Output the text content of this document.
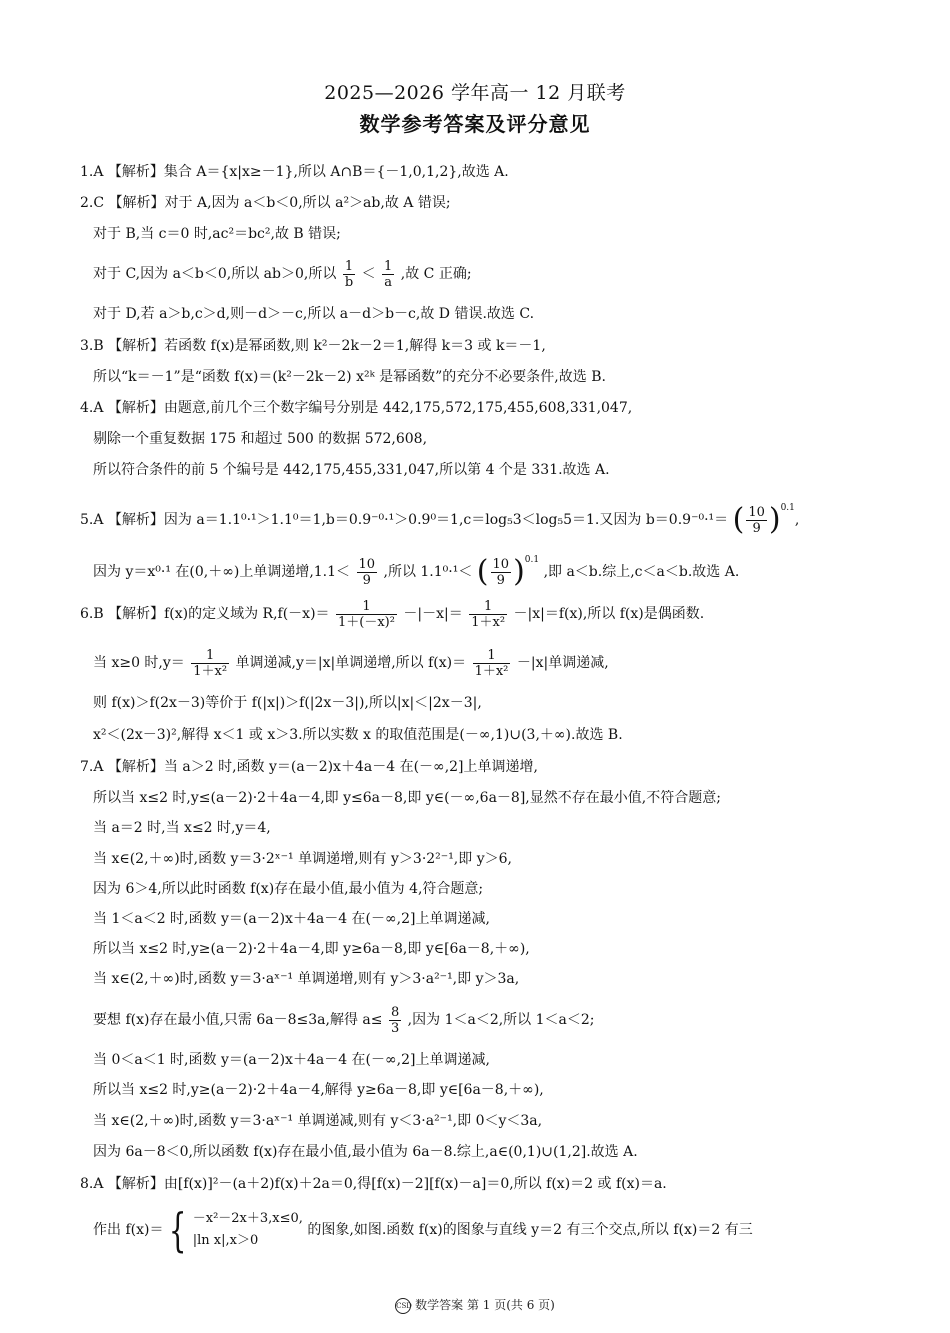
2025—2026 学年高一 12 月联考
数学参考答案及评分意见
1.A 【解析】集合 A＝{x|x≥－1},所以 A∩B＝{－1,0,1,2},故选 A.
2.C 【解析】对于 A,因为 a＜b＜0,所以 a²＞ab,故 A 错误;
对于 B,当 c＝0 时,ac²＝bc²,故 B 错误;
对于 C,因为 a＜b＜0,所以 ab＞0,所以 $\frac{1}{b} < \frac{1}{a}$ ,故 C 正确;
对于 D,若 a＞b,c＞d,则－d＞－c,所以 a－d＞b－c,故 D 错误.故选 C.
3.B 【解析】若函数 f(x)是幂函数,则 k²－2k－2＝1,解得 k＝3 或 k＝－1,
所以“k＝－1”是“函数 f(x)＝(k²－2k－2) x²ᵏ 是幂函数”的充分不必要条件,故选 B.
4.A 【解析】由题意,前几个三个数字编号分别是 442,175,572,175,455,608,331,047,
剔除一个重复数据 175 和超过 500 的数据 572,608,
所以符合条件的前 5 个编号是 442,175,455,331,047,所以第 4 个是 331.故选 A.
5.A 【解析】因为 a＝1.1⁰·¹＞1.1⁰＝1,b＝0.9⁻⁰·¹＞0.9⁰＝1,c＝log₅3＜log₅5＝1.又因为 b＝0.9⁻⁰·¹＝ ( $\frac{10}{9} )^{0.1}$,
因为 y＝x⁰·¹ 在(0,＋∞)上单调递增$,1.1< \frac{10}{9}$ ,所以 1.1⁰·¹＜ ( $\frac{10}{9} )^{0.1}$ ,即 a＜b.综上,c＜a＜b.故选 A.
6.B 【解析】f(x)的定义域为 $R,f(-x)= \frac{1}{\text{1＋(－x)²}} -|-x|= \frac{1}{\text{1＋x²}} -|x|=f(x)$,所以 f(x)是偶函数.
当 x≥0 时$,y= \frac{1}{\text{1＋x²}}$ 单调递减,y＝|x|单调递增,所以 $f(x)= \frac{1}{\text{1＋x²}} -|x|$单调递减,
则 f(x)＞f(2x－3)等价于 f(|x|)＞f(|2x－3|),所以|x|＜|2x－3|,
x²＜(2x－3)²,解得 x＜1 或 x＞3.所以实数 x 的取值范围是(－∞,1)∪(3,＋∞).故选 B.
7.A 【解析】当 a＞2 时,函数 y＝(a－2)x＋4a－4 在(－∞,2]上单调递增,
所以当 x≤2 时,y≤(a－2)·2＋4a－4,即 y≤6a－8,即 y∈(－∞,6a－8],显然不存在最小值,不符合题意;
当 a＝2 时,当 x≤2 时,y＝4,
当 x∈(2,＋∞)时,函数 y＝3·2ˣ⁻¹ 单调递增,则有 y＞3·2²⁻¹,即 y＞6,
因为 6＞4,所以此时函数 f(x)存在最小值,最小值为 4,符合题意;
当 1＜a＜2 时,函数 y＝(a－2)x＋4a－4 在(－∞,2]上单调递减,
所以当 x≤2 时,y≥(a－2)·2＋4a－4,即 y≥6a－8,即 y∈[6a－8,＋∞),
当 x∈(2,＋∞)时,函数 y＝3·aˣ⁻¹ 单调递增,则有 y＞3·a²⁻¹,即 y＞3a,
要想 f(x)存在最小值,只需 6a－8≤3a,解得 $a\le \frac{8}{3}$ ,因为 1＜a＜2,所以 1＜a＜2;
当 0＜a＜1 时,函数 y＝(a－2)x＋4a－4 在(－∞,2]上单调递减,
所以当 x≤2 时,y≥(a－2)·2＋4a－4,解得 y≥6a－8,即 y∈[6a－8,＋∞),
当 x∈(2,＋∞)时,函数 y＝3·aˣ⁻¹ 单调递减,则有 y＜3·a²⁻¹,即 0＜y＜3a,
因为 6a－8＜0,所以函数 f(x)存在最小值,最小值为 6a－8.综上,a∈(0,1)∪(1,2].故选 A.
8.A 【解析】由[f(x)]²－(a＋2)f(x)＋2a＝0,得[f(x)－2][f(x)－a]＝0,所以 f(x)＝2 或 f(x)＝a.
作出 f(x)＝ { －x²－2x＋3,x≤0,
|ln x|,x＞0
的图象,如图.函数 f(x)的图象与直线 y＝2 有三个交点,所以 f(x)＝2 有三
CSD 数学答案 第 1 页(共 6 页)
